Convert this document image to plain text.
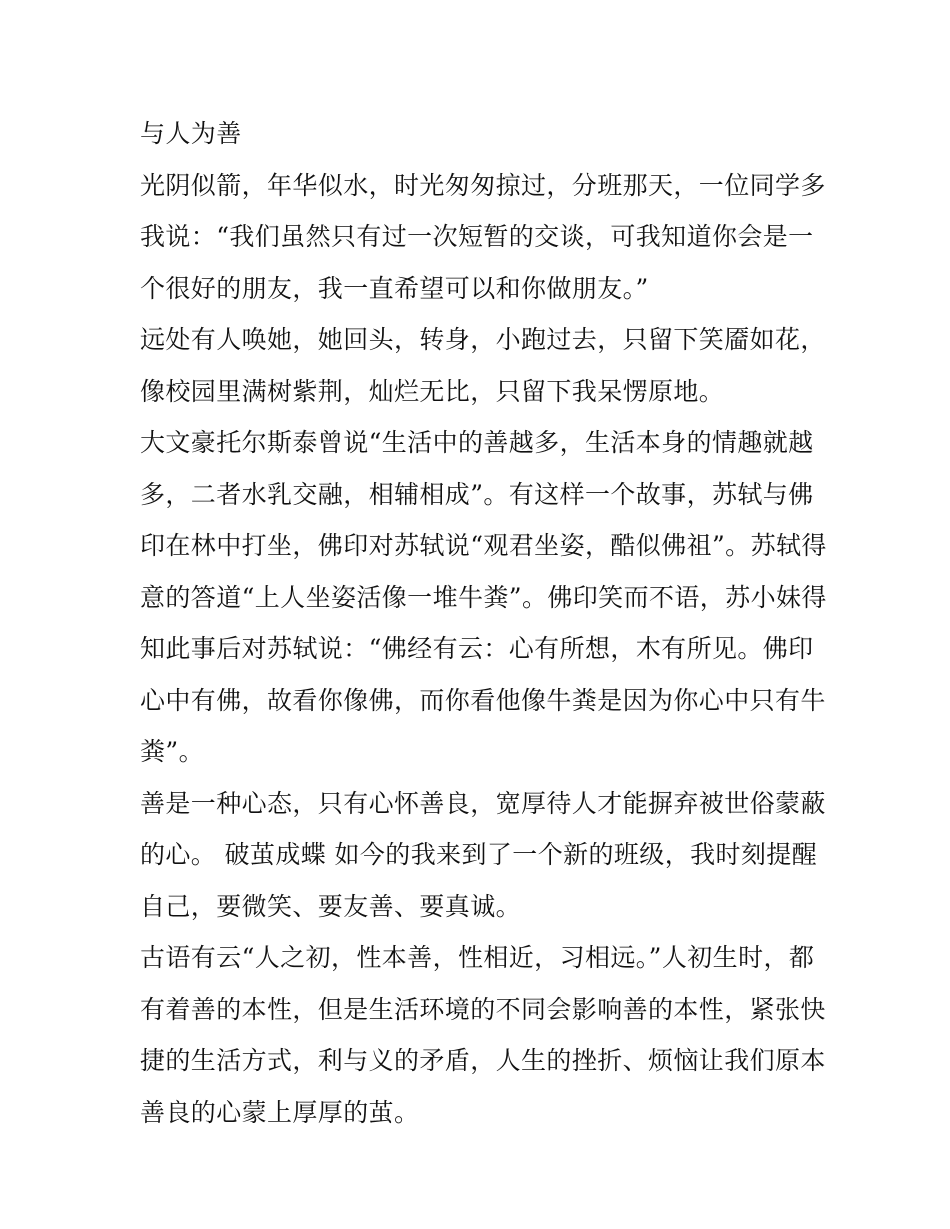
与人为善
光阴似箭，年华似水，时光匆匆掠过，分班那天，一位同学多
我说：“我们虽然只有过一次短暂的交谈，可我知道你会是一
个很好的朋友，我一直希望可以和你做朋友。”
远处有人唤她，她回头，转身，小跑过去，只留下笑靥如花，
像校园里满树紫荆，灿烂无比，只留下我呆愣原地。
大文豪托尔斯泰曾说“生活中的善越多，生活本身的情趣就越
多，二者水乳交融，相辅相成”。有这样一个故事，苏轼与佛
印在林中打坐，佛印对苏轼说“观君坐姿，酷似佛祖”。苏轼得
意的答道“上人坐姿活像一堆牛粪”。佛印笑而不语，苏小妹得
知此事后对苏轼说：“佛经有云：心有所想，木有所见。佛印
心中有佛，故看你像佛，而你看他像牛粪是因为你心中只有牛
粪”。
善是一种心态，只有心怀善良，宽厚待人才能摒弃被世俗蒙蔽
的心。 破茧成蝶 如今的我来到了一个新的班级，我时刻提醒
自己，要微笑、要友善、要真诚。
古语有云“人之初，性本善，性相近，习相远。”人初生时，都
有着善的本性，但是生活环境的不同会影响善的本性，紧张快
捷的生活方式，利与义的矛盾，人生的挫折、烦恼让我们原本
善良的心蒙上厚厚的茧。
